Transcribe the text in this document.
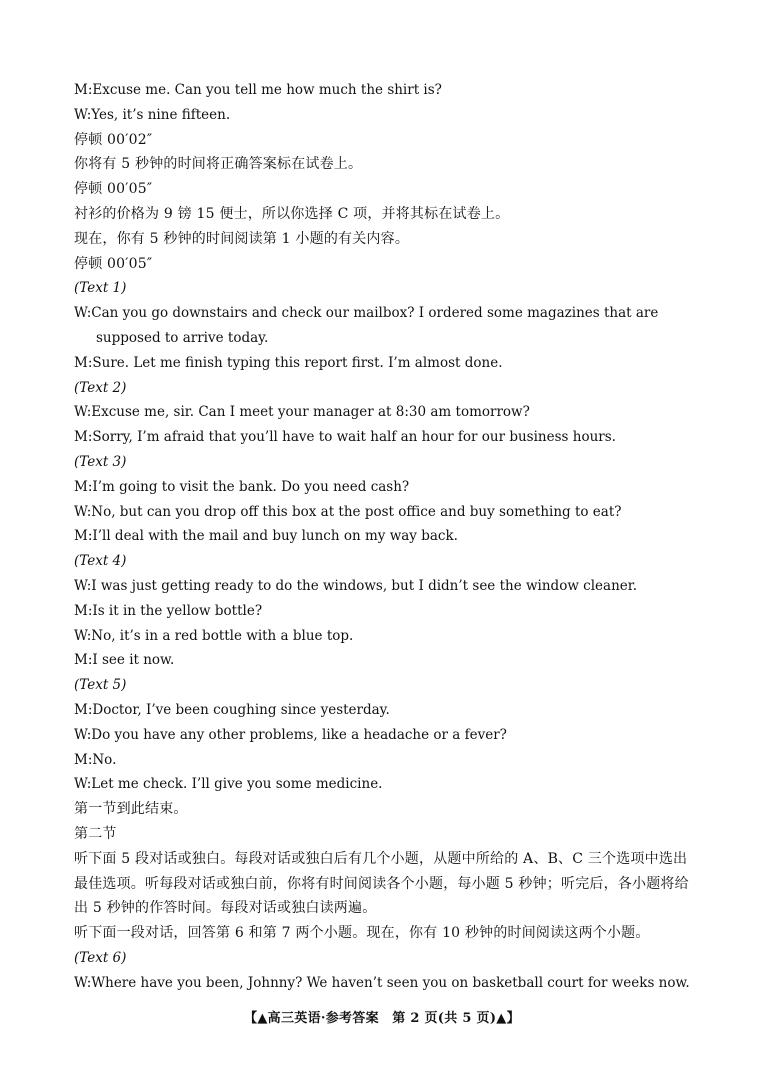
M:Excuse me. Can you tell me how much the shirt is?

W:Yes, it’s nine fifteen.

停顿 00′02″

你将有 5 秒钟的时间将正确答案标在试卷上。

停顿 00′05″

衬衫的价格为 9 镑 15 便士，所以你选择 C 项，并将其标在试卷上。

现在，你有 5 秒钟的时间阅读第 1 小题的有关内容。

停顿 00′05″

(Text 1)

W:Can you go downstairs and check our mailbox? I ordered some magazines that are supposed to arrive today.

M:Sure. Let me finish typing this report first. I’m almost done.

(Text 2)

W:Excuse me, sir. Can I meet your manager at 8:30 am tomorrow?

M:Sorry, I’m afraid that you’ll have to wait half an hour for our business hours.

(Text 3)

M:I’m going to visit the bank. Do you need cash?

W:No, but can you drop off this box at the post office and buy something to eat?

M:I’ll deal with the mail and buy lunch on my way back.

(Text 4)

W:I was just getting ready to do the windows, but I didn’t see the window cleaner.

M:Is it in the yellow bottle?

W:No, it’s in a red bottle with a blue top.

M:I see it now.

(Text 5)

M:Doctor, I’ve been coughing since yesterday.

W:Do you have any other problems, like a headache or a fever?

M:No.

W:Let me check. I’ll give you some medicine.

第一节到此结束。

第二节

听下面 5 段对话或独白。每段对话或独白后有几个小题，从题中所给的 A、B、C 三个选项中选出最佳选项。听每段对话或独白前，你将有时间阅读各个小题，每小题 5 秒钟；听完后，各小题将给出 5 秒钟的作答时间。每段对话或独白读两遍。

听下面一段对话，回答第 6 和第 7 两个小题。现在，你有 10 秒钟的时间阅读这两个小题。

(Text 6)

W:Where have you been, Johnny? We haven’t seen you on basketball court for weeks now.

【▲高三英语·参考答案　第 2 页(共 5 页)▲】
